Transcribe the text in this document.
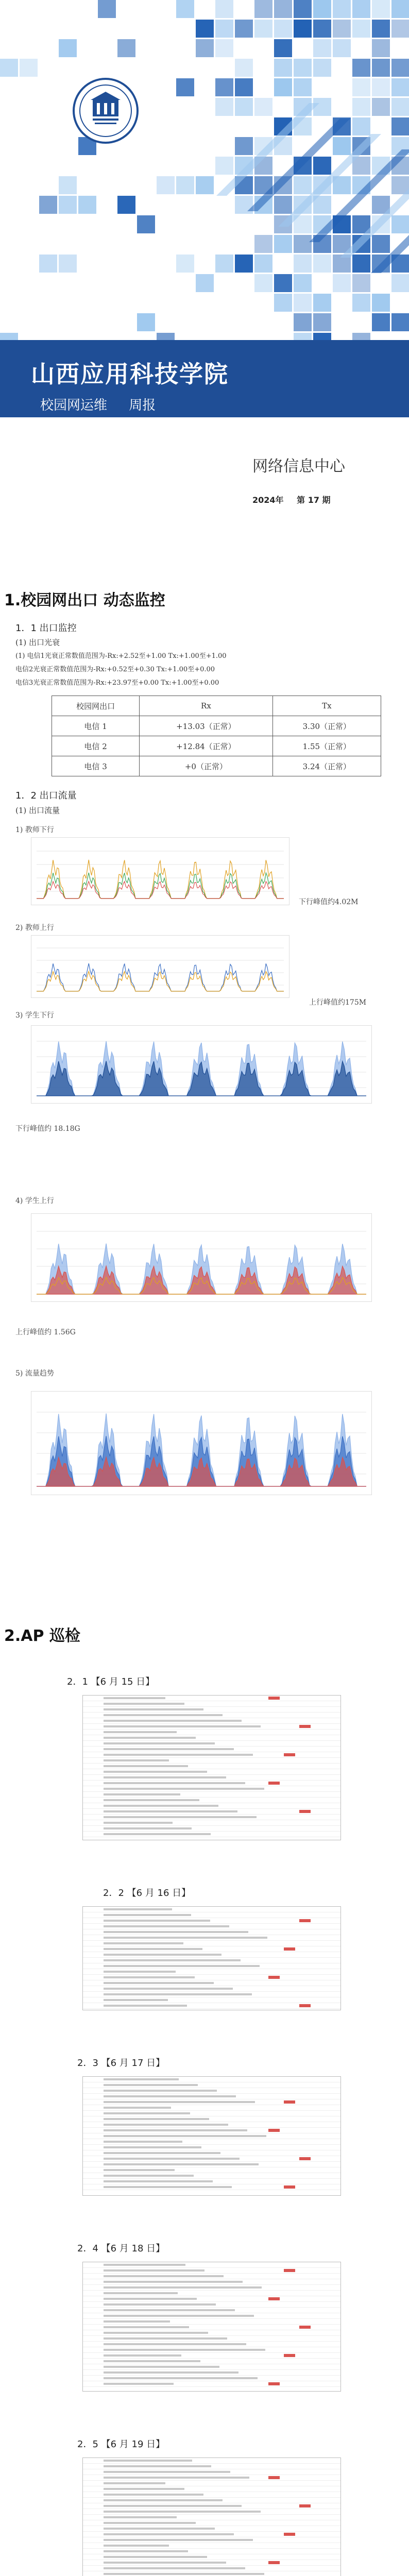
山西应用科技学院
校园网运维 周报
网络信息中心
2024年 第 17 期
1.校园网出口 动态监控
1．1 出口监控
(1) 出口光衰
(1) 电信1光衰正常数值范围为-Rx:+2.52至+1.00 Tx:+1.00至+1.00
电信2光衰正常数值范围为-Rx:+0.52至+0.30 Tx:+1.00至+0.00
电信3光衰正常数值范围为-Rx:+23.97至+0.00 Tx:+1.00至+0.00
校园网出口	Rx	Tx
电信 1	+13.03（正常）	3.30（正常）
电信 2	+12.84（正常）	1.55（正常）
电信 3	+0（正常）	3.24（正常）
1．2 出口流量
(1) 出口流量
1) 教师下行
下行峰值约4.02M
2) 教师上行
上行峰值约175M
3) 学生下行
下行峰值约 18.18G
4) 学生上行
上行峰值约 1.56G
5) 流量趋势
2.AP 巡检
2．1 【6 月 15 日】
2．2 【6 月 16 日】
2．3 【6 月 17 日】
2．4 【6 月 18 日】
2．5 【6 月 19 日】
